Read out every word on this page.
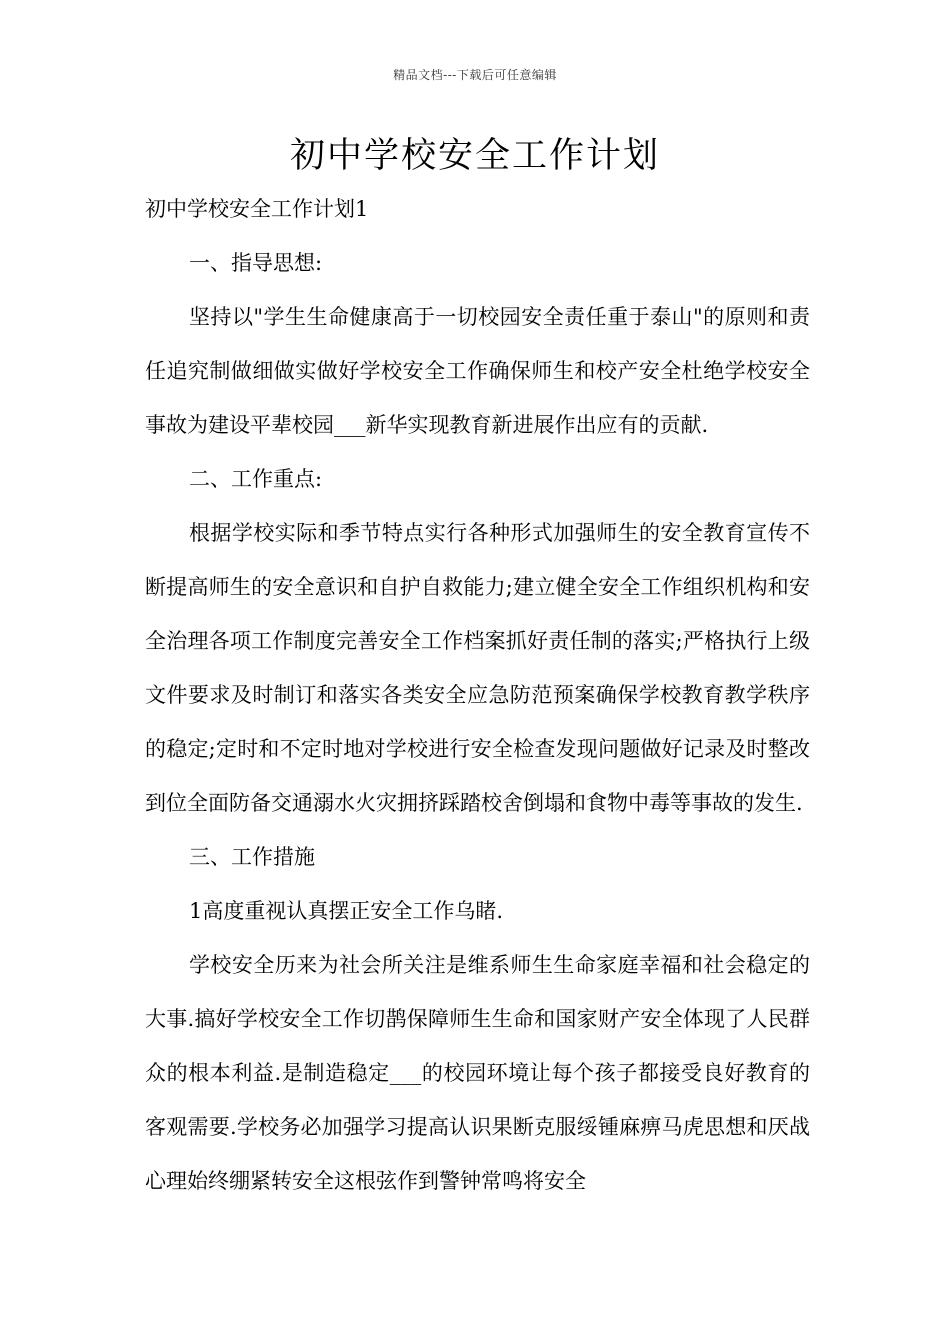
精品文档---下载后可任意编辑
初中学校安全工作计划

初中学校安全工作计划1

一、指导思想:

坚持以"学生生命健康高于一切校园安全责任重于泰山"的原则和责任追究制做细做实做好学校安全工作确保师生和校产安全杜绝学校安全事故为建设平辈校园___新华实现教育新进展作出应有的贡献.

二、工作重点:

根据学校实际和季节特点实行各种形式加强师生的安全教育宣传不断提高师生的安全意识和自护自救能力;建立健全安全工作组织机构和安全治理各项工作制度完善安全工作档案抓好责任制的落实;严格执行上级文件要求及时制订和落实各类安全应急防范预案确保学校教育教学秩序的稳定;定时和不定时地对学校进行安全检查发现问题做好记录及时整改到位全面防备交通溺水火灾拥挤踩踏校舍倒塌和食物中毒等事故的发生.

三、工作措施

1高度重视认真摆正安全工作乌睹.

学校安全历来为社会所关注是维系师生生命家庭幸福和社会稳定的大事.搞好学校安全工作切鹊保障师生生命和国家财产安全体现了人民群众的根本利益.是制造稳定___的校园环境让每个孩子都接受良好教育的客观需要.学校务必加强学习提高认识果断克服绥锺麻痹马虎思想和厌战心理始终绷紧转安全这根弦作到警钟常鸣将安全
